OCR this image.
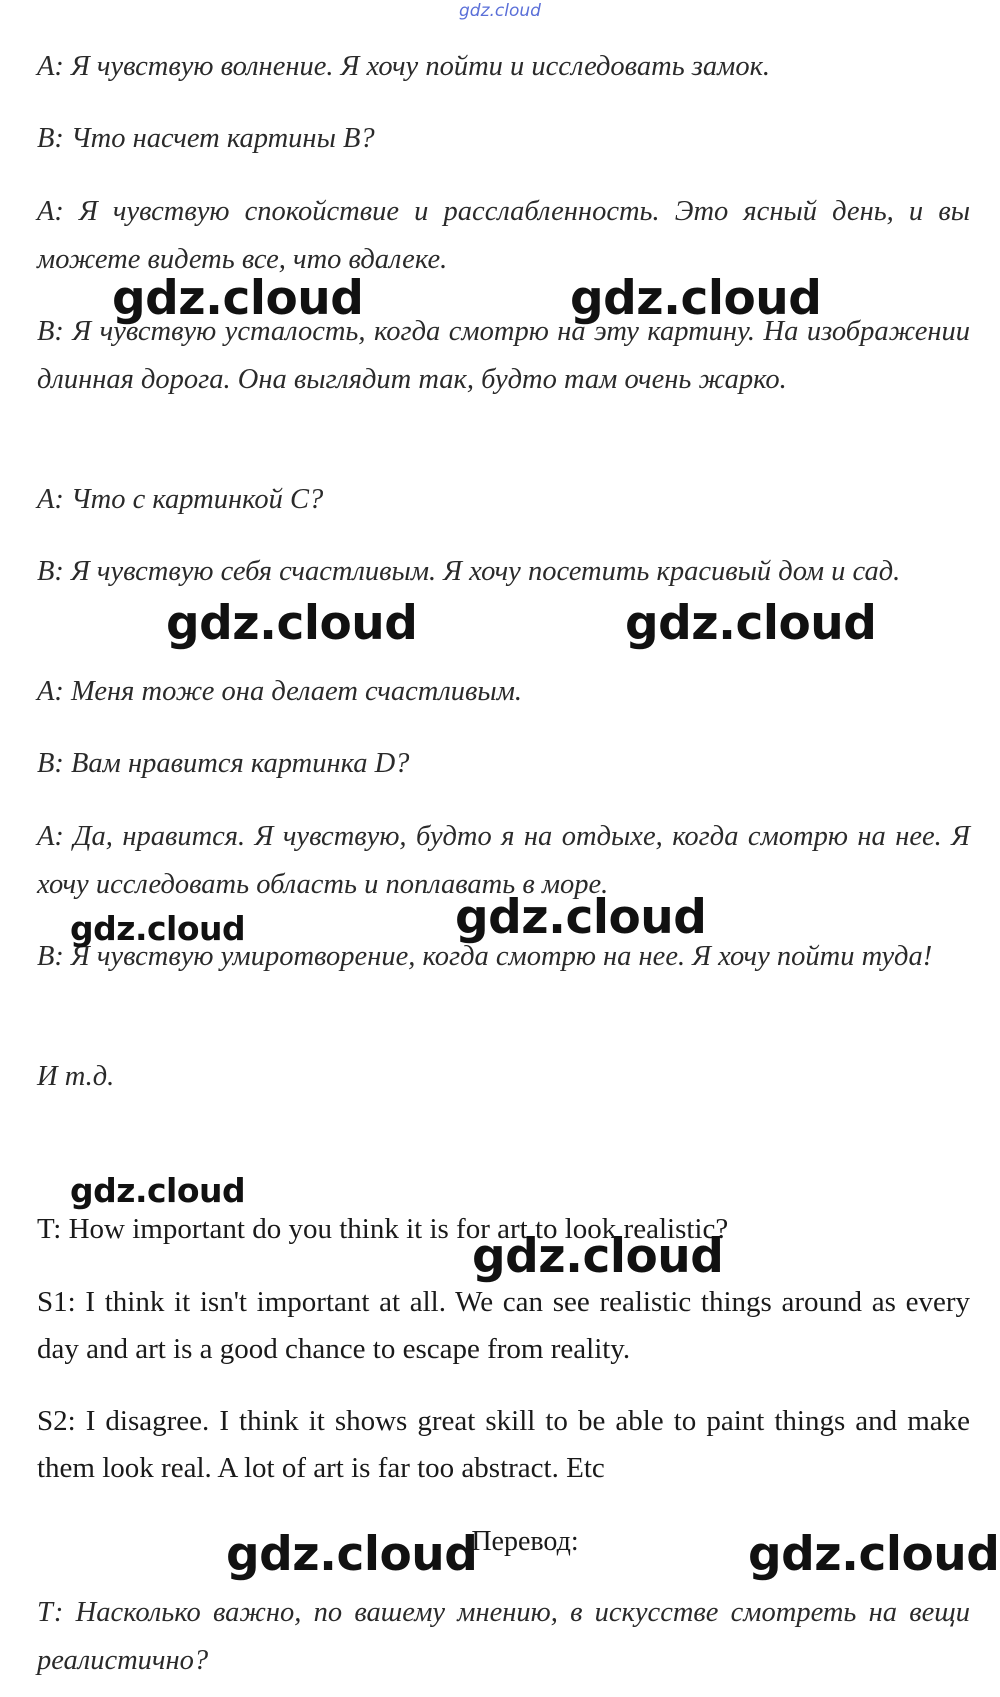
gdz.cloud

А: Я чувствую волнение. Я хочу пойти и исследовать замок.

В: Что насчет картины В?

А: Я чувствую спокойствие и расслабленность. Это ясный день, и вы можете видеть все, что вдалеке.

В: Я чувствую усталость, когда смотрю на эту картину. На изображении длинная дорога. Она выглядит так, будто там очень жарко.

А: Что с картинкой С?

В: Я чувствую себя счастливым. Я хочу посетить красивый дом и сад.

А: Меня тоже она делает счастливым.

В: Вам нравится картинка D?

А: Да, нравится. Я чувствую, будто я на отдыхе, когда смотрю на нее. Я хочу исследовать область и поплавать в море.

В: Я чувствую умиротворение, когда смотрю на нее. Я хочу пойти туда!

И т.д.

T: How important do you think it is for art to look realistic?

S1: I think it isn't important at all. We can see realistic things around as every day and art is a good chance to escape from reality.

S2: I disagree. I think it shows great skill to be able to paint things and make them look real. A lot of art is far too abstract. Etc

Перевод:

Т: Насколько важно, по вашему мнению, в искусстве смотреть на вещи реалистично?

gdz.cloud	gdz.cloud
gdz.cloud	gdz.cloud
gdz.cloud	gdz.cloud
gdz.cloud
gdz.cloud
gdz.cloud	gdz.cloud
